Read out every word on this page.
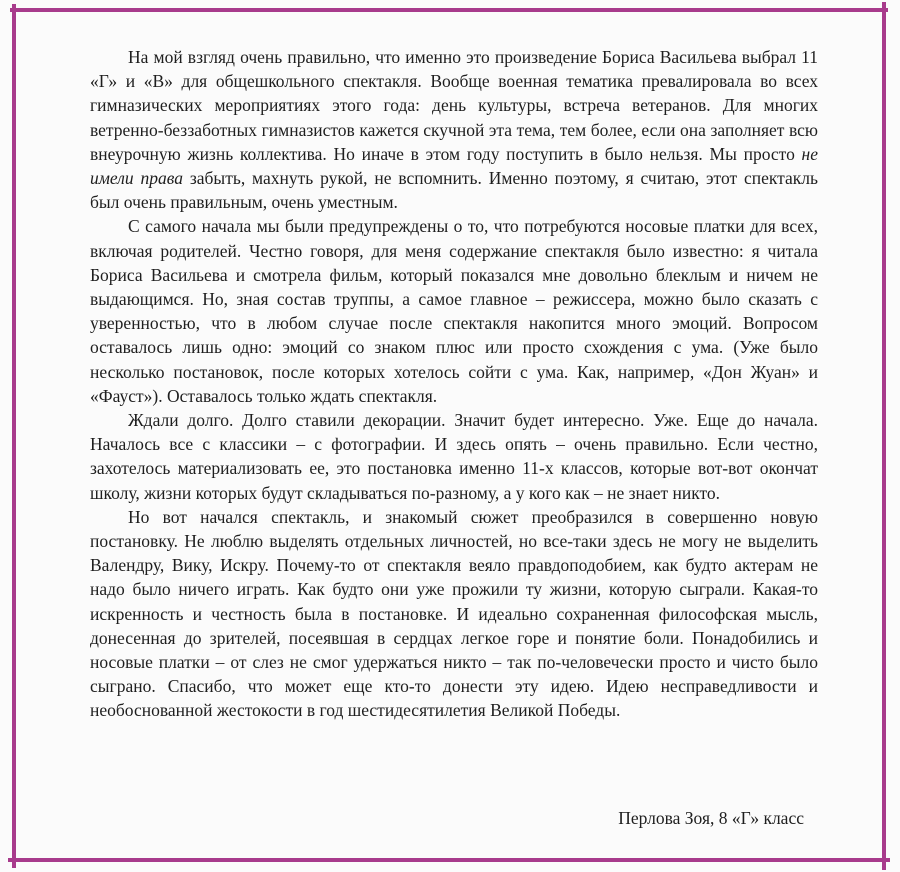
На мой взгляд очень правильно, что именно это произведение Бориса Васильева выбрал 11 «Г» и «В» для общешкольного спектакля. Вообще военная тематика превалировала во всех гимназических мероприятиях этого года: день культуры, встреча ветеранов. Для многих ветренно-беззаботных гимназистов кажется скучной эта тема, тем более, если она заполняет всю внеурочную жизнь коллектива. Но иначе в этом году поступить в было нельзя. Мы просто не имели права забыть, махнуть рукой, не вспомнить. Именно поэтому, я считаю, этот спектакль был очень правильным, очень уместным.

С самого начала мы были предупреждены о то, что потребуются носовые платки для всех, включая родителей. Честно говоря, для меня содержание спектакля было известно: я читала Бориса Васильева и смотрела фильм, который показался мне довольно блеклым и ничем не выдающимся. Но, зная состав труппы, а самое главное – режиссера, можно было сказать с уверенностью, что в любом случае после спектакля накопится много эмоций. Вопросом оставалось лишь одно: эмоций со знаком плюс или просто схождения с ума. (Уже было несколько постановок, после которых хотелось сойти с ума. Как, например, «Дон Жуан» и «Фауст»). Оставалось только ждать спектакля.

Ждали долго. Долго ставили декорации. Значит будет интересно. Уже. Еще до начала. Началось все с классики – с фотографии. И здесь опять – очень правильно. Если честно, захотелось материализовать ее, это постановка именно 11-х классов, которые вот-вот окончат школу, жизни которых будут складываться по-разному, а у кого как – не знает никто.

Но вот начался спектакль, и знакомый сюжет преобразился в совершенно новую постановку. Не люблю выделять отдельных личностей, но все-таки здесь не могу не выделить Валендру, Вику, Искру. Почему-то от спектакля веяло правдоподобием, как будто актерам не надо было ничего играть. Как будто они уже прожили ту жизни, которую сыграли. Какая-то искренность и честность была в постановке. И идеально сохраненная философская мысль, донесенная до зрителей, посеявшая в сердцах легкое горе и понятие боли. Понадобились и носовые платки – от слез не смог удержаться никто – так по-человечески просто и чисто было сыграно. Спасибо, что может еще кто-то донести эту идею. Идею несправедливости и необоснованной жестокости в год шестидесятилетия Великой Победы.

Перлова Зоя, 8 «Г» класс
